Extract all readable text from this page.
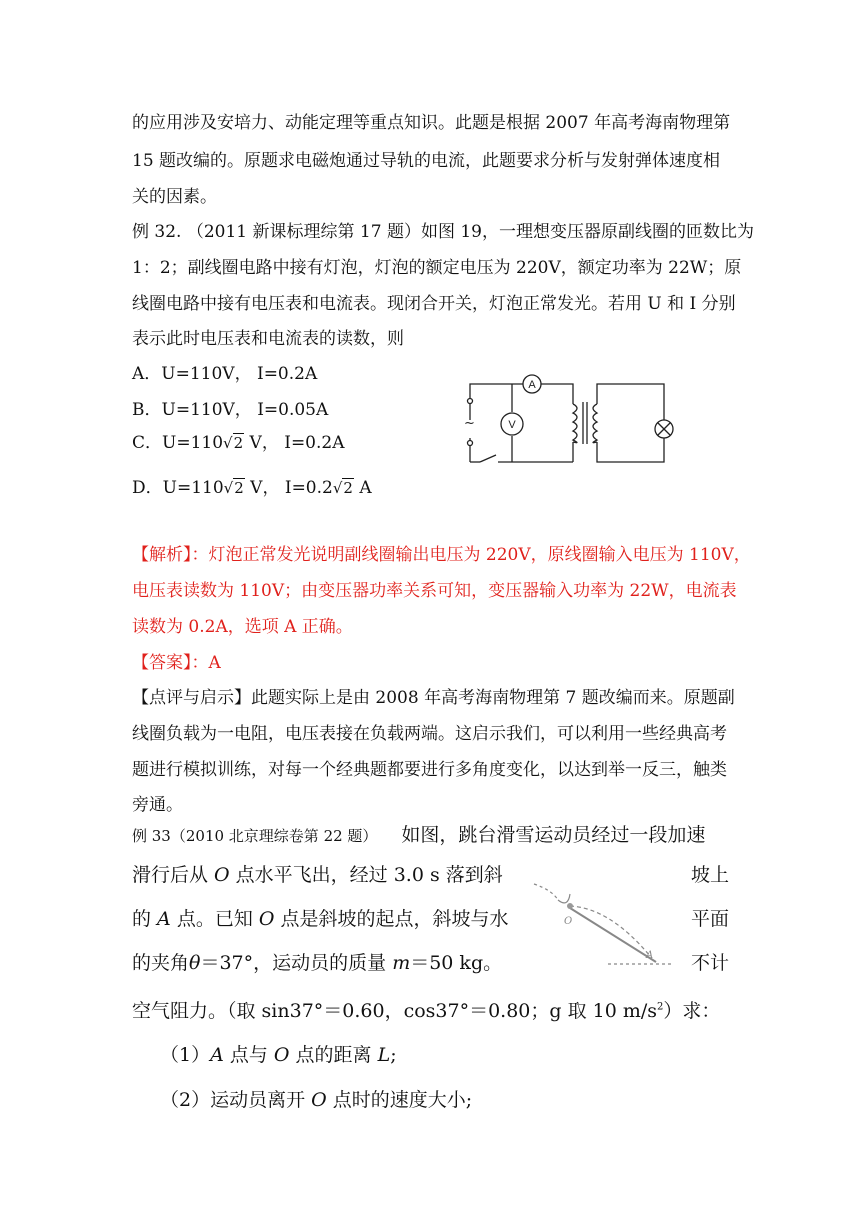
的应用涉及安培力、动能定理等重点知识。此题是根据 2007 年高考海南物理第

15 题改编的。原题求电磁炮通过导轨的电流，此题要求分析与发射弹体速度相

关的因素。

例 32. （2011 新课标理综第 17 题）如图 19，一理想变压器原副线圈的匝数比为

1：2；副线圈电路中接有灯泡，灯泡的额定电压为 220V，额定功率为 22W；原

线圈电路中接有电压表和电流表。现闭合开关，灯泡正常发光。若用 U 和 I 分别

表示此时电压表和电流表的读数，则

A．U=110V， I=0.2A
B．U=110V， I=0.05A
C．U=110√2 V， I=0.2A
D．U=110√2 V， I=0.2√2 A
A
V
~

【解析】：灯泡正常发光说明副线圈输出电压为 220V，原线圈输入电压为 110V，

电压表读数为 110V；由变压器功率关系可知，变压器输入功率为 22W，电流表

读数为 0.2A，选项 A 正确。

【答案】：A

【点评与启示】此题实际上是由 2008 年高考海南物理第 7 题改编而来。原题副

线圈负载为一电阻，电压表接在负载两端。这启示我们，可以利用一些经典高考

题进行模拟训练，对每一个经典题都要进行多角度变化，以达到举一反三，触类

旁通。

例 33（2010 北京理综卷第 22 题） 如图，跳台滑雪运动员经过一段加速
滑行后从 O 点水平飞出，经过 3.0 s 落到斜	坡上
的 A 点。已知 O 点是斜坡的起点，斜坡与水	平面
的夹角θ＝37°，运动员的质量 m＝50 kg。	不计
O
A
空气阻力。（取 sin37°＝0.60，cos37°＝0.80；g 取 10 $m/s^2$）求：
（1）A 点与 O 点的距离 L;
（2）运动员离开 O 点时的速度大小;
